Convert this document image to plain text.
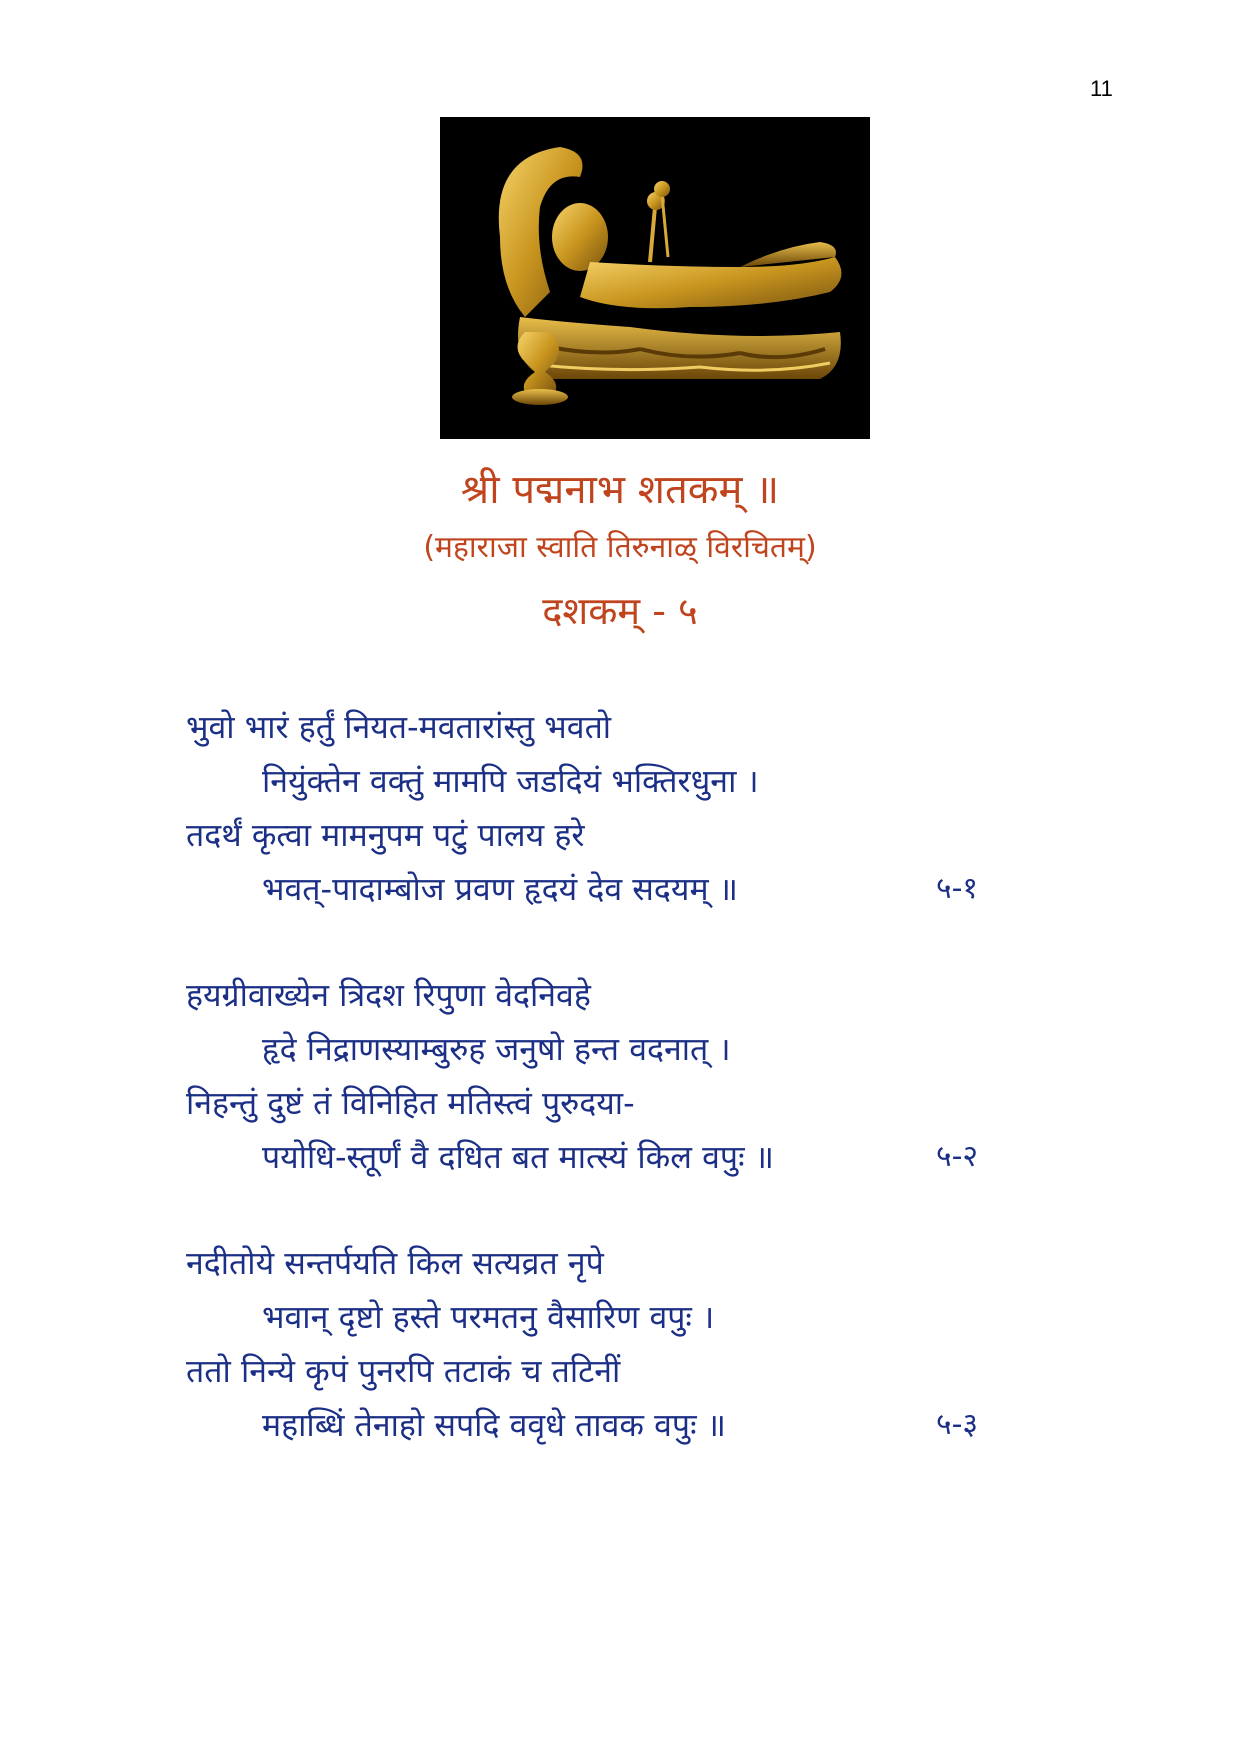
11

श्री पद्मनाभ शतकम् ॥

(महाराजा स्वाति तिरुनाळ् विरचितम्)

दशकम् - ५

भुवो भारं हर्तुं नियत-मवतारांस्तु भवतो
नियुंक्तेन वक्तुं मामपि जडदियं भक्तिरधुना ।
तदर्थं कृत्वा मामनुपम पटुं पालय हरे
भवत्-पादाम्बोज प्रवण हृदयं देव सदयम् ॥	५-१
हयग्रीवाख्येन त्रिदश रिपुणा वेदनिवहे
हृदे निद्राणस्याम्बुरुह जनुषो हन्त वदनात् ।
निहन्तुं दुष्टं तं विनिहित मतिस्त्वं पुरुदया-
पयोधि-स्तूर्णं वै दधित बत मात्स्यं किल वपुः ॥	५-२
नदीतोये सन्तर्पयति किल सत्यव्रत नृपे
भवान् दृष्टो हस्ते परमतनु वैसारिण वपुः ।
ततो निन्ये कृपं पुनरपि तटाकं च तटिनीं
महाब्धिं तेनाहो सपदि ववृधे तावक वपुः ॥	५-३
